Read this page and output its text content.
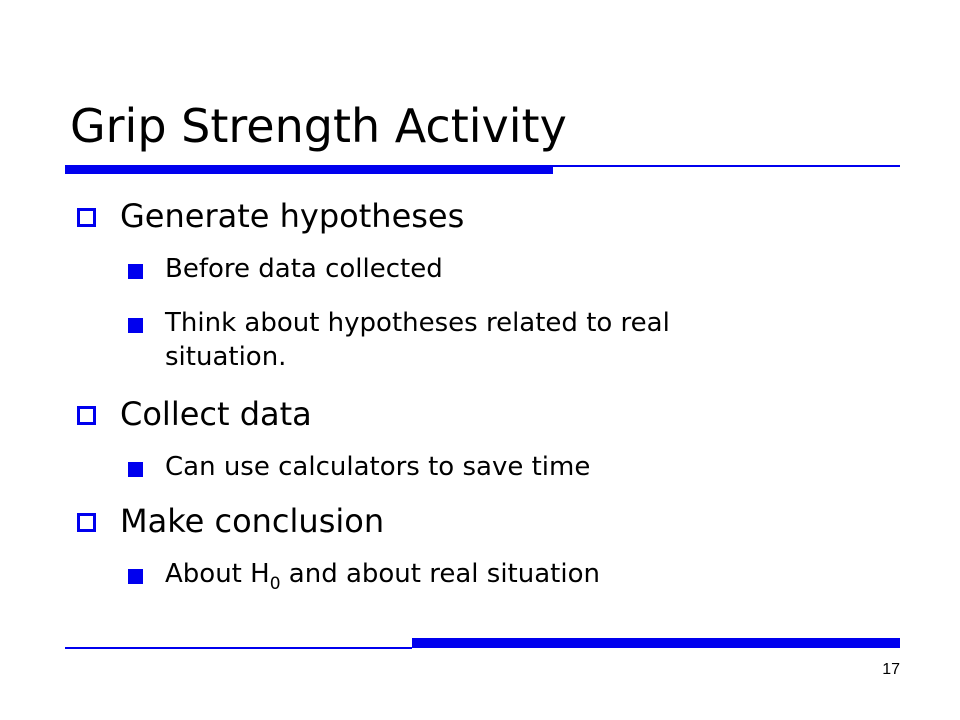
Grip Strength Activity
Generate hypotheses
Before data collected
Think about hypotheses related to real
situation.
Collect data
Can use calculators to save time
Make conclusion
About $H_0$ and about real situation
17
